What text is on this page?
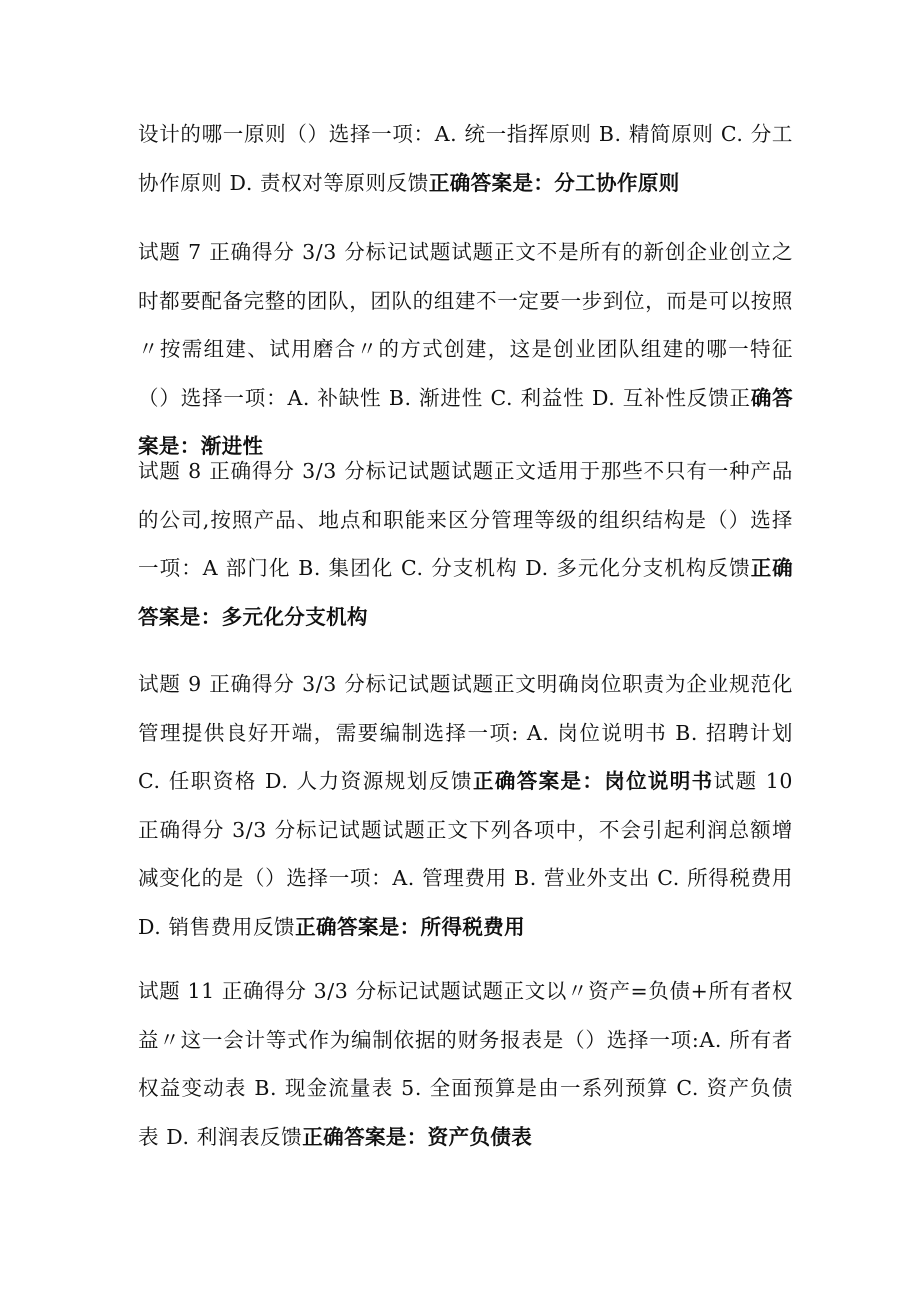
设计的哪一原则（）选择一项：A. 统一指挥原则 B. 精简原则 C. 分工协作原则 D. 责权对等原则反馈正确答案是：分工协作原则

试题 7 正确得分 3/3 分标记试题试题正文不是所有的新创企业创立之时都要配备完整的团队，团队的组建不一定要一步到位，而是可以按照〃按需组建、试用磨合〃的方式创建，这是创业团队组建的哪一特征（）选择一项：A. 补缺性 B. 渐进性 C. 利益性 D. 互补性反馈正确答案是：渐进性

试题 8 正确得分 3/3 分标记试题试题正文适用于那些不只有一种产品的公司,按照产品、地点和职能来区分管理等级的组织结构是（）选择一项：A 部门化 B. 集团化 C. 分支机构 D. 多元化分支机构反馈正确答案是：多元化分支机构

试题 9 正确得分 3/3 分标记试题试题正文明确岗位职责为企业规范化管理提供良好开端，需要编制选择一项: A. 岗位说明书 B. 招聘计划 C. 任职资格 D. 人力资源规划反馈正确答案是：岗位说明书试题 10 正确得分 3/3 分标记试题试题正文下列各项中，不会引起利润总额增减变化的是（）选择一项：A. 管理费用 B. 营业外支出 C. 所得税费用 D. 销售费用反馈正确答案是：所得税费用

试题 11 正确得分 3/3 分标记试题试题正文以〃资产=负债+所有者权益〃这一会计等式作为编制依据的财务报表是（）选择一项:A. 所有者权益变动表 B. 现金流量表 5. 全面预算是由一系列预算 C. 资产负债表 D. 利润表反馈正确答案是：资产负债表
